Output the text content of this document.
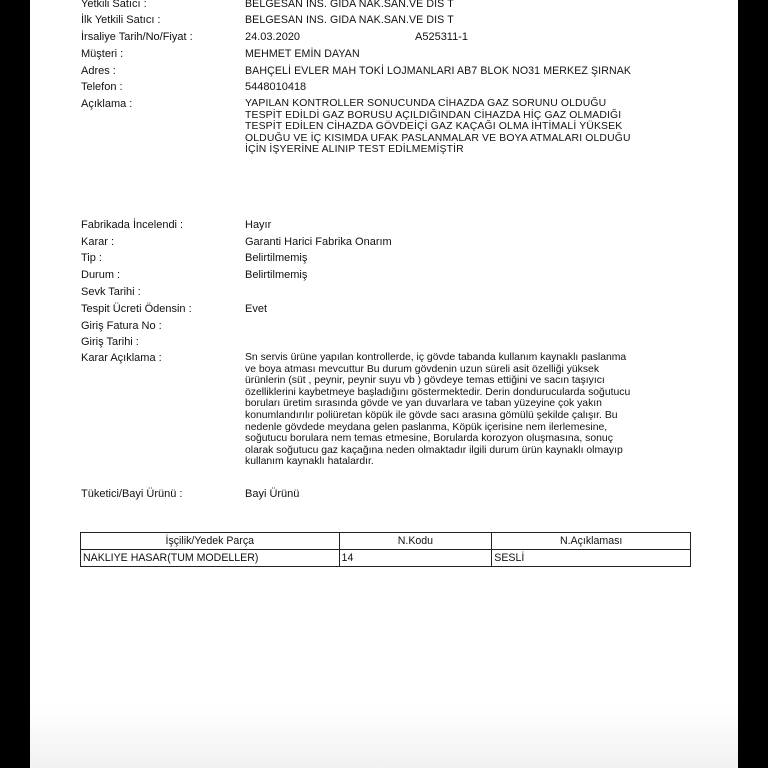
Yetkili Satıcı :	BELGESAN INS. GIDA NAK.SAN.VE DIS T
İlk Yetkili Satıcı :	BELGESAN INS. GIDA NAK.SAN.VE DIS T
İrsaliye Tarih/No/Fiyat :	24.03.2020	A525311-1
Müşteri :	MEHMET EMİN DAYAN
Adres :	BAHÇELİ EVLER MAH TOKİ LOJMANLARI AB7 BLOK NO31 MERKEZ ŞIRNAK
Telefon :	5448010418
Açıklama :	YAPILAN KONTROLLER SONUCUNDA CİHAZDA GAZ SORUNU OLDUĞU
TESPİT EDİLDİ GAZ BORUSU AÇILDIĞINDAN CİHAZDA HİÇ GAZ OLMADIĞI
TESPİT EDİLEN CİHAZDA GÖVDEİÇİ GAZ KAÇAĞI OLMA İHTİMALİ YÜKSEK
OLDUĞU VE İÇ KISIMDA UFAK PASLANMALAR VE BOYA ATMALARI OLDUĞU
İÇİN İŞYERİNE ALINIP TEST EDİLMEMİŞTİR
Fabrikada İncelendi :	Hayır
Karar :	Garanti Harici Fabrika Onarım
Tip :	Belirtilmemiş
Durum :	Belirtilmemiş
Sevk Tarihi :
Tespit Ücreti Ödensin :	Evet
Giriş Fatura No :
Giriş Tarihi :
Karar Açıklama :	Sn servis ürüne yapılan kontrollerde, iç gövde tabanda kullanım kaynaklı paslanma
ve boya atması mevcuttur Bu durum gövdenin uzun süreli asit özelliği yüksek
ürünlerin (süt , peynir, peynir suyu vb ) gövdeye temas ettiğini ve sacın taşıyıcı
özelliklerini kaybetmeye başladığını göstermektedir. Derin dondurucularda soğutucu
boruları üretim sırasında gövde ve yan duvarlara ve taban yüzeyine çok yakın
konumlandırılır poliüretan köpük ile gövde sacı arasına gömülü şekilde çalışır. Bu
nedenle gövdede meydana gelen paslanma, Köpük içerisine nem ilerlemesine,
soğutucu borulara nem temas etmesine, Borularda korozyon oluşmasına, sonuç
olarak soğutucu gaz kaçağına neden olmaktadır ilgili durum ürün kaynaklı olmayıp
kullanım kaynaklı hatalardır.
Tüketici/Bayi Ürünü :	Bayi Ürünü
İşçilik/Yedek Parça	N.Kodu	N.Açıklaması
NAKLIYE HASAR(TUM MODELLER)	14	SESLİ
